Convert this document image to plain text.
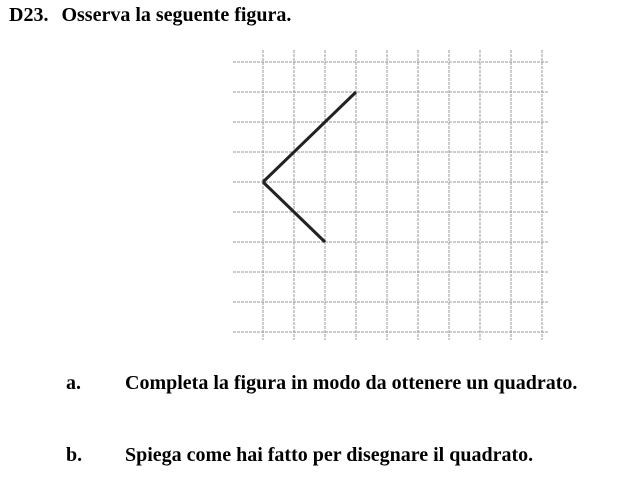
D23. Osserva la seguente figura.
a. Completa la figura in modo da ottenere un quadrato.
b. Spiega come hai fatto per disegnare il quadrato.
